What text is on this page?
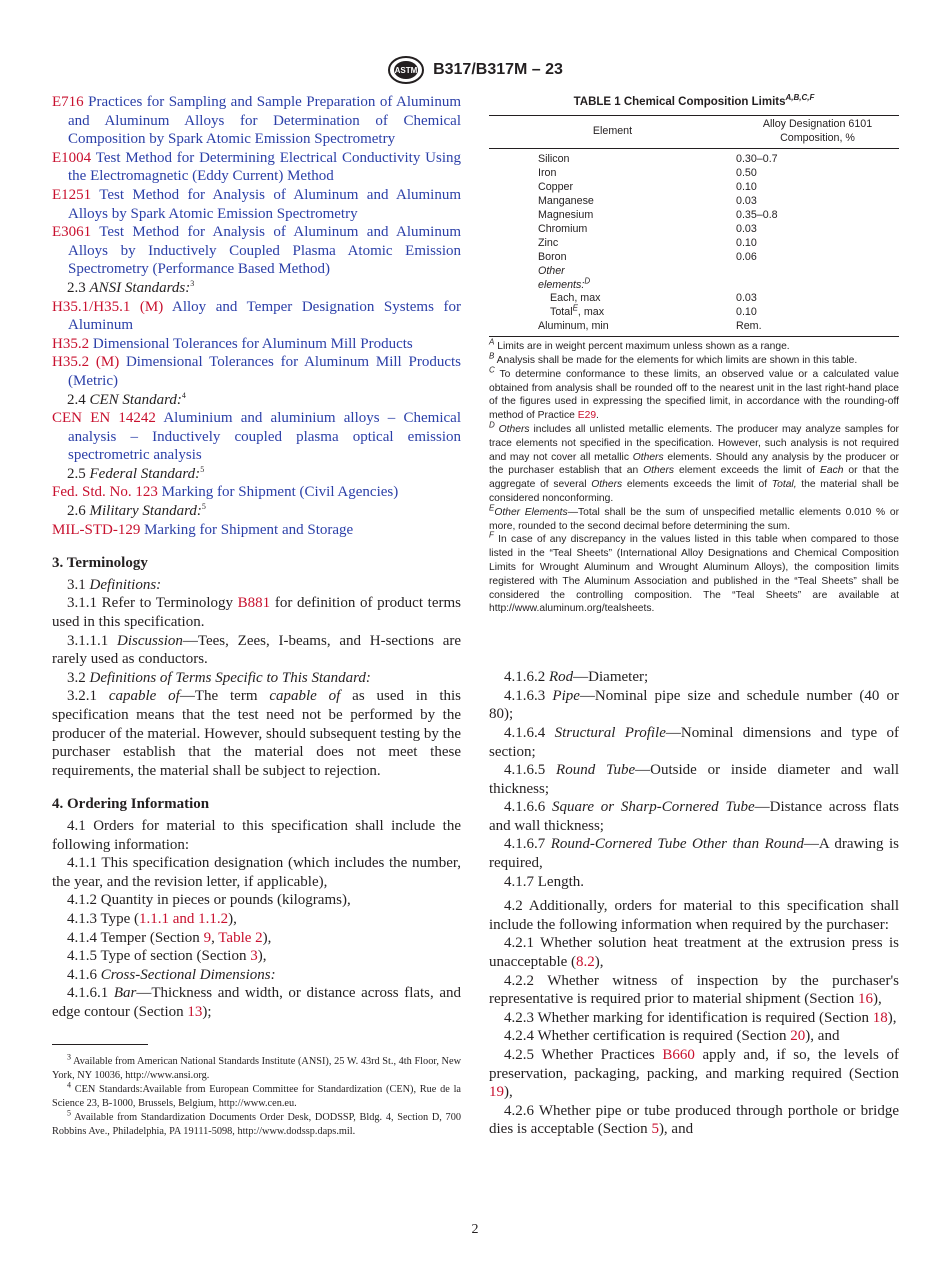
ASTM B317/B317M – 23
E716 Practices for Sampling and Sample Preparation of Aluminum and Aluminum Alloys for Determination of Chemical Composition by Spark Atomic Emission Spectrometry
E1004 Test Method for Determining Electrical Conductivity Using the Electromagnetic (Eddy Current) Method
E1251 Test Method for Analysis of Aluminum and Aluminum Alloys by Spark Atomic Emission Spectrometry
E3061 Test Method for Analysis of Aluminum and Aluminum Alloys by Inductively Coupled Plasma Atomic Emission Spectrometry (Performance Based Method)
2.3 ANSI Standards:$^3$
H35.1/H35.1 (M) Alloy and Temper Designation Systems for Aluminum
H35.2 Dimensional Tolerances for Aluminum Mill Products
H35.2 (M) Dimensional Tolerances for Aluminum Mill Products (Metric)
2.4 CEN Standard:$^4$
CEN EN 14242 Aluminium and aluminium alloys – Chemical analysis – Inductively coupled plasma optical emission spectrometric analysis
2.5 Federal Standard:$^5$
Fed. Std. No. 123 Marking for Shipment (Civil Agencies)
2.6 Military Standard:$^5$
MIL-STD-129 Marking for Shipment and Storage
3. Terminology

3.1 Definitions:

3.1.1 Refer to Terminology B881 for definition of product terms used in this specification.

3.1.1.1 Discussion—Tees, Zees, I-beams, and H-sections are rarely used as conductors.

3.2 Definitions of Terms Specific to This Standard:

3.2.1 capable of—The term capable of as used in this specification means that the test need not be performed by the producer of the material. However, should subsequent testing by the purchaser establish that the material does not meet these requirements, the material shall be subject to rejection.

4. Ordering Information

4.1 Orders for material to this specification shall include the following information:

4.1.1 This specification designation (which includes the number, the year, and the revision letter, if applicable),

4.1.2 Quantity in pieces or pounds (kilograms),

4.1.3 Type (1.1.1 and 1.1.2),

4.1.4 Temper (Section 9, Table 2),

4.1.5 Type of section (Section 3),

4.1.6 Cross-Sectional Dimensions:

4.1.6.1 Bar—Thickness and width, or distance across flats, and edge contour (Section 13);

$^3$ Available from American National Standards Institute (ANSI), 25 W. 43rd St., 4th Floor, New York, NY 10036, http://www.ansi.org.
$^4$ CEN Standards:Available from European Committee for Standardization (CEN), Rue de la Science 23, B-1000, Brussels, Belgium, http://www.cen.eu.
$^5$ Available from Standardization Documents Order Desk, DODSSP, Bldg. 4, Section D, 700 Robbins Ave., Philadelphia, PA 19111-5098, http://www.dodssp.daps.mil.
TABLE 1 Chemical Composition Limits$^{A,B,C,F}$
Element	Alloy Designation 6101
Composition, %
Silicon	0.30–0.7
Iron	0.50
Copper	0.10
Manganese	0.03
Magnesium	0.35–0.8
Chromium	0.03
Zinc	0.10
Boron	0.06
Other
elements:$^D$	
Each, max	0.03
Total$^E$, max	0.10
Aluminum, min	Rem.

$^A$ Limits are in weight percent maximum unless shown as a range.

$^B$ Analysis shall be made for the elements for which limits are shown in this table.

$^C$ To determine conformance to these limits, an observed value or a calculated value obtained from analysis shall be rounded off to the nearest unit in the last right-hand place of the figures used in expressing the specified limit, in accordance with the rounding-off method of Practice E29.

$^D$ Others includes all unlisted metallic elements. The producer may analyze samples for trace elements not specified in the specification. However, such analysis is not required and may not cover all metallic Others elements. Should any analysis by the producer or the purchaser establish that an Others element exceeds the limit of Each or that the aggregate of several Others elements exceeds the limit of Total, the material shall be considered nonconforming.

$^E$Other Elements—Total shall be the sum of unspecified metallic elements 0.010 % or more, rounded to the second decimal before determining the sum.

$^F$ In case of any discrepancy in the values listed in this table when compared to those listed in the “Teal Sheets” (International Alloy Designations and Chemical Composition Limits for Wrought Aluminum and Wrought Aluminum Alloys), the composition limits registered with The Aluminum Association and published in the “Teal Sheets” shall be considered the controlling composition. The “Teal Sheets” are available at http://www.aluminum.org/tealsheets.

4.1.6.2 Rod—Diameter;

4.1.6.3 Pipe—Nominal pipe size and schedule number (40 or 80);

4.1.6.4 Structural Profile—Nominal dimensions and type of section;

4.1.6.5 Round Tube—Outside or inside diameter and wall thickness;

4.1.6.6 Square or Sharp-Cornered Tube—Distance across flats and wall thickness;

4.1.6.7 Round-Cornered Tube Other than Round—A drawing is required,

4.1.7 Length.

4.2 Additionally, orders for material to this specification shall include the following information when required by the purchaser:

4.2.1 Whether solution heat treatment at the extrusion press is unacceptable (8.2),

4.2.2 Whether witness of inspection by the purchaser's representative is required prior to material shipment (Section 16),

4.2.3 Whether marking for identification is required (Section 18),

4.2.4 Whether certification is required (Section 20), and

4.2.5 Whether Practices B660 apply and, if so, the levels of preservation, packaging, packing, and marking required (Section 19),

4.2.6 Whether pipe or tube produced through porthole or bridge dies is acceptable (Section 5), and

2
